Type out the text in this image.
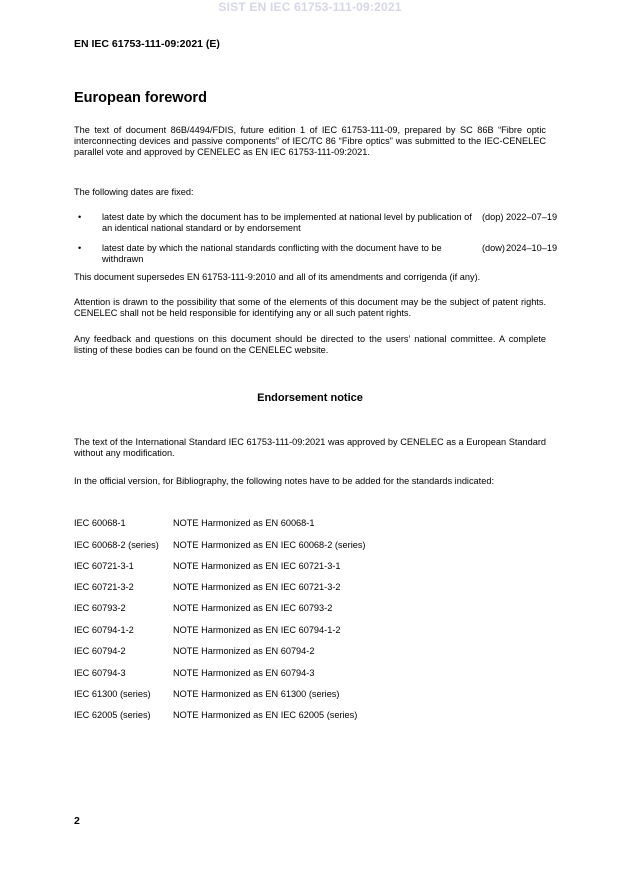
SIST EN IEC 61753-111-09:2021
EN IEC 61753-111-09:2021 (E)
European foreword

The text of document 86B/4494/FDIS, future edition 1 of IEC 61753-111-09, prepared by SC 86B “Fibre optic interconnecting devices and passive components” of IEC/TC 86 “Fibre optics” was submitted to the IEC-CENELEC parallel vote and approved by CENELEC as EN IEC 61753-111-09:2021.

The following dates are fixed:

• latest date by which the document has to be implemented at national level by publication of an identical national standard or by endorsement
(dop) 2022–07–19
• latest date by which the national standards conflicting with the document have to be withdrawn
(dow) 2024–10–19

This document supersedes EN 61753-111-9:2010 and all of its amendments and corrigenda (if any).

Attention is drawn to the possibility that some of the elements of this document may be the subject of patent rights. CENELEC shall not be held responsible for identifying any or all such patent rights.

Any feedback and questions on this document should be directed to the users’ national committee. A complete listing of these bodies can be found on the CENELEC website.

Endorsement notice

The text of the International Standard IEC 61753-111-09:2021 was approved by CENELEC as a European Standard without any modification.

In the official version, for Bibliography, the following notes have to be added for the standards indicated:

IEC 60068-1	NOTE Harmonized as EN 60068-1
IEC 60068-2 (series) NOTE Harmonized as EN IEC 60068-2 (series)
IEC 60721-3-1	NOTE Harmonized as EN IEC 60721-3-1
IEC 60721-3-2	NOTE Harmonized as EN IEC 60721-3-2
IEC 60793-2	NOTE Harmonized as EN IEC 60793-2
IEC 60794-1-2	NOTE Harmonized as EN IEC 60794-1-2
IEC 60794-2	NOTE Harmonized as EN 60794-2
IEC 60794-3	NOTE Harmonized as EN 60794-3
IEC 61300 (series) NOTE Harmonized as EN 61300 (series)
IEC 62005 (series) NOTE Harmonized as EN IEC 62005 (series)
2
